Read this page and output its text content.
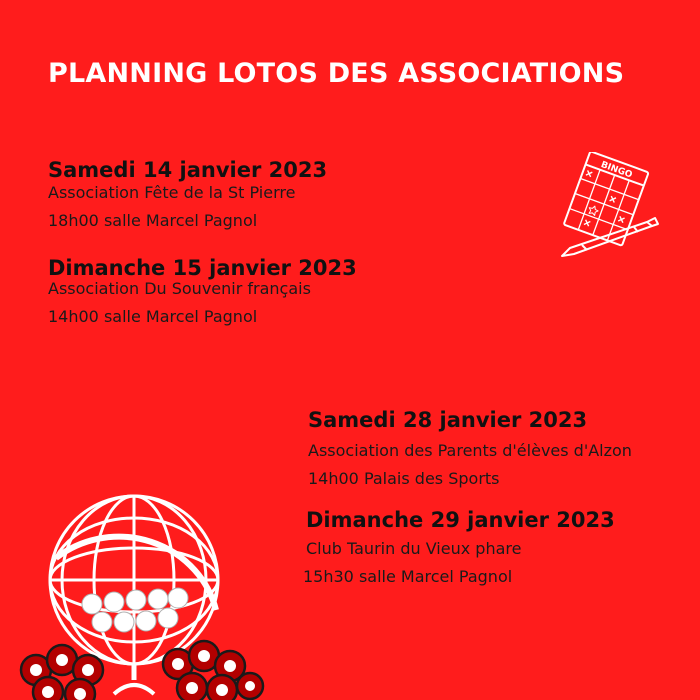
PLANNING LOTOS DES ASSOCIATIONS
Samedi 14 janvier 2023
Association Fête de la St Pierre
18h00 salle Marcel Pagnol
Dimanche 15 janvier 2023
Association Du Souvenir français
14h00 salle Marcel Pagnol
Samedi 28 janvier 2023
Association des Parents d'élèves d'Alzon
14h00 Palais des Sports
Dimanche 29 janvier 2023
Club Taurin du Vieux phare
15h30 salle Marcel Pagnol
BINGO
